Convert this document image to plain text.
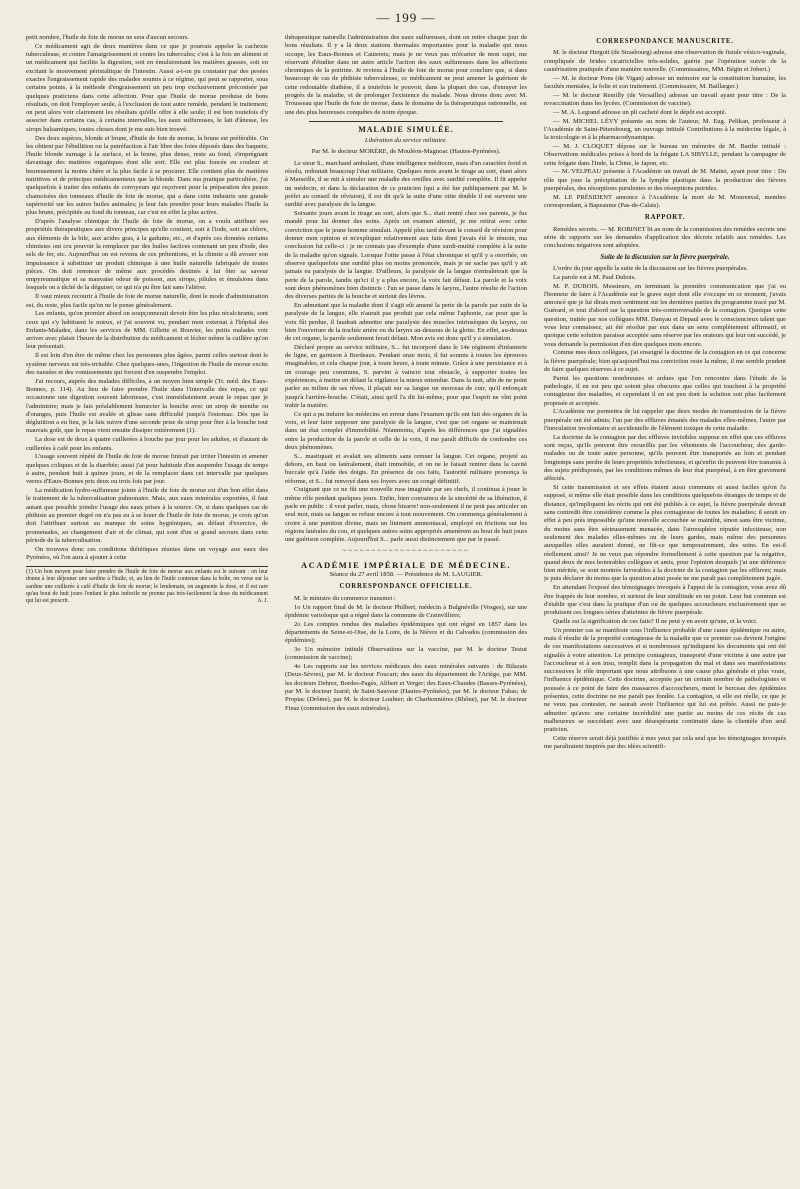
— 199 —

petit nombre, l'huile de foie de morue ne sera d'aucun secours.

Ce médicament agit de deux manières dans ce que je pourrais appeler la cachexie tuberculeuse, et contre l'amaigrissement et contre les tubercules; c'est à la fois un aliment et un médicament qui facilite la digestion, soit en émulsionnant les matières grasses, soit en excitant le mouvement péristaltique de l'intestin. Aussi a-t-on pu constater par des pesées exactes l'engraissement rapide des malades soumis à ce régime, qui peut se rapporter, sous certains points, à la méthode d'engraissement un peu trop exclusivement préconisée par quelques praticiens dans cette affection. Pour que l'huile de morue produise de bons résultats, on doit l'employer seule, à l'exclusion de tout autre remède, pendant le traitement; on peut alors voir clairement les résultats qu'elle offre à elle seule; il est bon toutefois d'y associer dans certains cas, à certains intervalles, les eaux sulfureuses, le lait d'ânesse, les sirops balsamiques, toutes choses dont je me suis bien trouvé.

Des deux espèces, blonde et brune, d'huile de foie de morue, la brune est préférable. On les obtient par l'ébullition ou la putréfaction à l'air libre des foies déposés dans des baquets; l'huile blonde surnage à la surface, et la brune, plus dense, reste au fond, s'imprégnant davantage des matières organiques dont elle sort. Elle est plus foncée en couleur et heureusement la moins chère et la plus facile à se procurer. Elle contient plus de matières nutritives et de principes médicamenteux que la blonde. Dans ma pratique particulière, j'ai quelquefois à traiter des enfants de corroyeurs qui reçoivent pour la préparation des peaux chamoisées des tonneaux d'huile de foie de morue, qui a dans cette industrie une grande supériorité sur les autres huiles animales; je leur fais prendre pour leurs malades l'huile la plus brune, précipitée au fond du tonneau, car c'est en effet la plus active.

D'après l'analyse chimique de l'huile de foie de morue, on a voulu attribuer ses propriétés thérapeutiques aux divers principes qu'elle contient, soit à l'iode, soit au chlore, aux éléments de la bile, aux acides gras, à la gaduine, etc., et d'après ces données certains chimistes ont cru pouvoir la remplacer par des huiles factices contenant un peu d'iode, des sels de fer, etc. Aujourd'hui on est revenu de ces prétentions, et la chimie a dû avouer son impuissance à substituer un produit chimique à une huile naturelle fabriquée de toutes pièces. On doit renoncer de même aux procédés destinés à lui ôter sa saveur empyreumatique et sa mauvaise odeur de poisson, aux sirops, pilules et émulsions dans lesquels on a tâché de la déguiser, ce qui n'a pu être fait sans l'altérer.

Il vaut mieux recourir à l'huile de foie de morue naturelle, dont le mode d'administration est, du reste, plus facile qu'on ne le pense généralement.

Les enfants, qu'on premier abord on soupçonnerait devoir être les plus récalcitrants, sont ceux qui s'y habituent le mieux, et j'ai souvent vu, pendant mon externat à l'hôpital des Enfants-Malades, dans les services de MM. Gillette et Bouvier, les petits malades voir arriver avec plaisir l'heure de la distribution du médicament et lécher même la cuillère qu'on leur présentait.

Il est loin d'en être de même chez les personnes plus âgées, parmi celles surtout dont le système nerveux est très-irritable. Chez quelques-unes, l'ingestion de l'huile de morue excite des nausées et des vomissements qui forcent d'en suspendre l'emploi.

J'ai recours, auprès des malades difficiles, à un moyen bien simple (Tr. méd. des Eaux-Bonnes, p. 114). Au lieu de faire prendre l'huile dans l'intervalle des repas, ce qui occasionne une digestion souvent laborieuse, c'est immédiatement avant le repas que je l'administre; mais je fais préalablement humecter la bouche avec un sirop de menthe ou d'oranges, puis l'huile est avalée et glisse sans difficulté jusqu'à l'estomac. Dès que la déglutition a eu lieu, je la fais suivre d'une seconde prise de sirop pour ôter à la bouche tout mauvais goût, que le repas vient ensuite dissiper entièrement (1).

La dose est de deux à quatre cuillerées à bouche par jour pour les adultes, et d'autant de cuillerées à café pour les enfants.

L'usage souvent répété de l'huile de foie de morue finirait par irriter l'intestin et amener quelques coliques et de la diarrhée; aussi j'ai pour habitude d'en suspendre l'usage de temps à autre, pendant huit à quinze jours, et de la remplacer dans cet intervalle par quelques verres d'Eaux-Bonnes pris deux ou trois fois par jour.

La médication hydro-sulfureuse jointe à l'huile de foie de morue est d'un bon effet dans le traitement de la tuberculisation pulmonaire. Mais, aux eaux minérales exportées, il faut autant que possible joindre l'usage des eaux prises à la source. Or, si dans quelques cas de phthisie au premier degré on n'a pas eu à se louer de l'huile de foie de morue, je crois qu'on doit l'attribuer surtout au manque de soins hygiéniques, au défaut d'exercice, de promenades, au changement d'air et de climat, qui sont d'un si grand secours dans cette période de la tuberculisation.

On trouvera donc ces conditions diététiques réunies dans un voyage aux eaux des Pyrénées, où l'on aura à ajouter à cette

(1) Un bon moyen pour faire prendre de l'huile de foie de morue aux enfants est le suivant : on leur donne à leur déjeuner une sardine à l'huile, et, au lieu de l'huile contenue dans la boîte, on verse sur la sardine une cuillerée à café d'huile de foie de morue; le lendemain, on augmente la dose, et il est rare qu'au bout de huit jours l'enfant le plus indocile ne prenne pas très-facilement la dose du médicament qui lui est prescrit.	A. J.

thérapeutique naturelle l'administration des eaux sulfureuses, dont on retire chaque jour de bons résultats. Il y a là deux stations thermales importantes pour la maladie qui nous occupe, les Eaux-Bonnes et Cauterets; mais je ne veux pas m'écarter de mon sujet, me réservant d'étudier dans un autre article l'action des eaux sulfureuses dans les affections chroniques de la poitrine. Je reviens à l'huile de foie de morue pour conclure que, si dans beaucoup de cas de phthisie tuberculeuse, ce médicament ne peut amener la guérison de cette redoutable diathèse, il a toutefois le pouvoir, dans la plupart des cas, d'enrayer les progrès de la maladie, et de prolonger l'existence du malade. Nous dirons donc avec M. Trousseau que l'huile de foie de morue, dans le domaine de la thérapeutique rationnelle, est une des plus heureuses conquêtes de notre époque.

MALADIE SIMULÉE.
Libération du service militaire.
Par M. le docteur MORÈRE, de Mouléon-Magnoac (Hautes-Pyrénées).

Le sieur S., marchand ambulant, d'une intelligence médiocre, mais d'un caractère froid et résolu, redoutait beaucoup l'état militaire. Quelques mois avant le tirage au sort, étant alors à Marseille, il se mit à simuler une maladie des oreilles avec surdité complète. Il fit appeler un médecin, et dans la déclaration de ce praticien (qui a été lue publiquement par M. le préfet au conseil de révision), il est dit qu'à la suite d'une otite double il est survenu une surdité avec paralysie de la langue.

Soixante jours avant le tirage au sort, alors que S... était rentré chez ses parents, je fus mandé pour lui donner des soins. Après un examen attentif, je me retirai avec cette conviction que le jeune homme simulait. Appelé plus tard devant le conseil de révision pour donner mon opinion et m'expliquer relativement aux faits dont j'avais été le témoin, ma conclusion fut celle-ci : je ne connais pas d'exemple d'une surdi-mutité complète à la suite de la maladie qu'on signale. Lorsque l'otite passe à l'état chronique et qu'il y a otorrhée, on observe quelquefois une surdité plus ou moins prononcée, mais je ne sache pas qu'il y ait jamais eu paralysie de la langue. D'ailleurs, la paralysie de la langue n'entraînerait que la perte de la parole, tandis qu'ici il y a plus encore, la voix fait défaut. La parole et la voix sont deux phénomènes bien distincts : l'un se passe dans le larynx, l'autre résulte de l'action des diverses parties de la bouche et surtout des lèvres.

En admettant que la maladie dont il s'agit eût amené la perte de la parole par suite de la paralysie de la langue, elle n'aurait pas produit par cela même l'aphonie, car pour que la voix fût perdue, il faudrait admettre une paralysie des muscles intrinsèques du larynx, ou bien l'ouverture de la trachée artère ou du larynx au-dessous de la glotte. En effet, au-dessus de cet organe, la parole seulement ferait défaut. Mon avis est donc qu'il y a simulation.

Déclaré propre au service militaire, S... fut incorporé dans le 14e régiment d'infanterie de ligne, en garnison à Bordeaux. Pendant onze mois, il fut soumis à toutes les épreuves imaginables, et cela chaque jour, à toute heure, à toute minute. Grâce à une persistance et à un courage peu communs, S. parvint à vaincre tout obstacle, à supporter toutes les expériences, à mettre en défaut la vigilance la mieux entendue. Dans la nuit, afin de ne point parler au milieu de ses rêves, il plaçait sur sa langue un morceau de cuir, qu'il enfonçait jusqu'à l'arrière-bouche. C'était, ainsi qu'il l'a dit lui-même, pour que l'esprit ne vînt point trahir la matière.

Ce qui a pu induire les médecins en erreur dans l'examen qu'ils ont fait des organes de la voix, et leur faire supposer une paralysie de la langue, c'est que cet organe se maintenait dans un état complet d'immobilité. Néanmoins, d'après les différences que j'ai signalées entre la production de la parole et celle de la voix, il me paraît difficile de confondre ces deux phénomènes.

S... mastiquait et avalait ses aliments sans remuer la langue. Cet organe, projeté au dehors, en haut ou latéralement, était immobile, et on ne le faisait rentrer dans la cavité buccale qu'à l'aide des doigts. En présence de ces faits, l'autorité militaire prononça la réforme, et S... fut renvoyé dans ses foyers avec un congé définitif.

Craignant que ce ne fût une nouvelle ruse imaginée par ses chefs, il continua à jouer le même rôle pendant quelques jours. Enfin, bien convaincu de la sincérité de sa libération, il parle en public : il veut parler, mais, chose bizarre! non-seulement il ne peut pas articuler un seul mot, mais sa langue se refuse encore à tout mouvement. On commença généralement à croire à une punition divine, mais un liniment ammoniacal, employé en frictions sur les régions latérales du cou, et quelques autres soins appropriés amenèrent au bout de huit jours une guérison complète. Aujourd'hui S... parle aussi distinctement que par le passé.

~~~~~~~~~~~~~~~~~~~~~~
ACADÉMIE IMPÉRIALE DE MÉDECINE.
Séance du 27 avril 1858. — Présidence de M. LAUGIER.
CORRESPONDANCE OFFICIELLE.

M. le ministre du commerce transmet :

1o Un rapport final de M. le docteur Philbert, médecin à Bulgnéville (Vosges), sur une épidémie varioloque qui a régné dans la commune de Crainvilliers;

2o Les comptes rendus des maladies épidémiques qui ont régné en 1857 dans les départements de Seine-et-Oise, de la Loire, de la Nièvre et du Calvados (commission des épidémies);

3o Un mémoire intitulé Observations sur la vaccine, par M. le docteur Testut (commission de vaccine);

4o Les rapports sur les services médicaux des eaux minérales suivants : de Bilazais (Deux-Sèvres), par M. le docteur Foucart; des eaux du département de l'Ariège, par MM. les docteurs Dehrez, Bordes-Pagès, Alibert et Verger; des Eaux-Chaudes (Basses-Pyrénées), par M. le docteur Izarié; de Saint-Sauveur (Hautes-Pyrénées), par M. le docteur Fabas; de Propiac (Drôme), par M. le docteur Loubier; de Charbonnières (Rhône), par M. le docteur Finaz (commission des eaux minérales).

CORRESPONDANCE MANUSCRITE.

M. le docteur Hergott (de Strasbourg) adresse une observation de fistule vésico-vaginale, compliquée de brides cicatricielles très-solides, guérie par l'opération suivie de la cautérisation pratiquée d'une manière nouvelle. (Commissaires, MM. Bégin et Jobert.)

— M. le docteur Pons (de Vigan) adresse un mémoire sur la constitution humaine, les facultés mentales, la folie et son traitement. (Commissaire, M. Baillarger.)

— M. le docteur Remilly (de Versailles) adresse un travail ayant pour titre : De la revaccination dans les lycées. (Commission de vaccine).

— M. A. Legrand adresse un pli cacheté dont le dépôt est accepté.

— M. MICHEL LÉVY présente au nom de l'auteur, M. Eug. Pelikan, professeur à l'Académie de Saint-Pétersbourg, un ouvrage intitulé Contributions à la médecine légale, à la toxicologie et à la pharmacodynamique.

— M. J. CLOQUET dépose sur le bureau un mémoire de M. Barthe intitulé : Observations médicales prises à bord de la frégate LA SIBYLLE, pendant la campagne de cette frégate dans l'Inde, la Chine, le Japon, etc.

— M. VELPEAU présente à l'Académie un travail de M. Mattei, ayant pour titre : Du rôle que joue la précipitation de la lymphe plastique dans la production des fièvres puerpérales, des résorptions purulentes et des résorptions putrides.

M. LE PRÉSIDENT annonce à l'Académie la mort de M. Mourenval, membre correspondant, à Bapeaume (Pas-de-Calais).

RAPPORT.

Remèdes secrets. — M. ROBINET lit au nom de la commission des remèdes secrets une série de rapports sur les demandes d'application des décrets relatifs aux remèdes. Les conclusions négatives sont adoptées.

Suite de la discussion sur la fièvre puerpérale.

L'ordre du jour appelle la suite de la discussion sur les fièvres puerpérales.

La parole est à M. Paul Dubois.

M. P. DUBOIS. Messieurs, en terminant la première communication que j'ai eu l'honneur de faire à l'Académie sur le grave sujet dont elle s'occupe en ce moment, j'avais annoncé que je lui dirais mon sentiment sur les dernières parties du programme tracé par M. Guérard, et tout d'abord sur la question très-controversable de la contagion. Quoique cette question, traitée par nos collègues MM. Danyau et Depaul avec le consciencieux talent que vous leur connaissez, ait été résolue par eux dans un sens complètement affirmatif, et quoique cette solution paraisse acceptée sans réserve par les orateurs qui leur ont succédé, je vous demande la permission d'en dire quelques mots encore.

Comme mes deux collègues, j'ai enseigné la doctrine de la contagion en ce qui concerne la fièvre puerpérale; bien qu'aujourd'hui ma conviction reste la même, il me semble prudent de faire quelques réserves à ce sujet.

Parmi les questions nombreuses et ardues que l'on rencontre dans l'étude de la pathologie, il en est peu qui soient plus obscures que celles qui touchent à la propriété contagieuse des maladies, et cependant il en est peu dont la solution soit plus facilement proposée et acceptée.

L'Académie me permettra de lui rappeler que deux modes de transmission de la fièvre puerpérale ont été admis; l'un par des effluves émanés des malades elles-mêmes, l'autre par l'inoculation involontaire et accidentelle de l'élément toxique de cette maladie.

La doctrine de la contagion par des effluves invisibles suppose en effet que ces effluves sont reçus, qu'ils peuvent être recueillis par les vêtements de l'accoucheur, des garde-malades ou de toute autre personne, qu'ils peuvent être transportés au loin et pendant longtemps sans perdre de leurs propriétés infectieuses, et qu'enfin ils peuvent être transmis à des sujets prédisposés, par les conditions mêmes de leur état puerpéral, à en être gravement affectés.

Si cette transmission et ses effets étaient aussi communs et aussi faciles qu'on l'a supposé, si même elle était possible dans les conditions quelquefois étranges de temps et de distance, qu'impliquent les récits qui ont été publiés à ce sujet, la fièvre puerpérale devrait sans contredit être considérée comme la plus contagieuse de toutes les maladies; il serait en effet à peu près impossible qu'une nouvelle accouchée se maintînt, sinon sans être victime, du moins sans être sérieusement menacée, dans l'atmosphère réputée infectieuse, non seulement des malades elles-mêmes ou de leurs gardes, mais même des personnes auxquelles elles auraient donné, ne fût-ce que temporairement, des soins. En est-il réellement ainsi? Je ne veux pas répondre formellement à cette question par la négative, quand deux de mes honorables collègues et amis, pour l'opinion desquels j'ai une déférence bien méritée, se sont montrés favorables à la doctrine de la contagion par les effluves; mais je puis déclarer du moins que la question ainsi posée ne me paraît pas complètement jugée.

En attendant l'exposé des témoignages invoqués à l'appui de la contagion, vous avez dû être frappés de leur nombre, et surtout de leur similitude en un point. Leur but commun est d'établir que c'est dans la pratique d'un ou de quelques accoucheurs exclusivement que se produisent ces longues séries d'atteintes de fièvre puerpérale.

Quelle est la signification de ces faits? Il ne peut y en avoir qu'une, et la voici.

Un premier cas se manifeste sous l'influence probable d'une cause épidémique ou autre, mais il résulte de la propriété contagieuse de la maladie que ce premier cas devient l'origine de ces manifestations successives et si nombreuses qu'indiquent les documents qui ont été signalés à votre attention. Le principe contagieux, transporté d'une victime à une autre par l'accoucheur et à son insu, remplit dans la propagation du mal et dans ses manifestations successives le rôle important que nous attribuons à une cause plus générale et plus vraie, l'influence épidémique. Cette doctrine, acceptée par un certain nombre de pathologistes et poussée à ce point de faire des massacres d'accoucheurs, ment le berceau des épidémies présentes, cette doctrine ne me paraît pas fondée. La contagion, si elle est réelle, ce que je ne veux pas contester, ne saurait avoir l'influence qui lui est prêtée. Aussi ne puis-je admettre qu'avec une certaine incrédulité une partie au moins de ces récits de cas malheureux se succédant avec une désespérante continuité dans la clientèle d'un seul praticien.

Cette réserve serait déjà justifiée à mes yeux par cela seul que les témoignages invoqués me paraîtraient inspirés par des idées scientifi-
